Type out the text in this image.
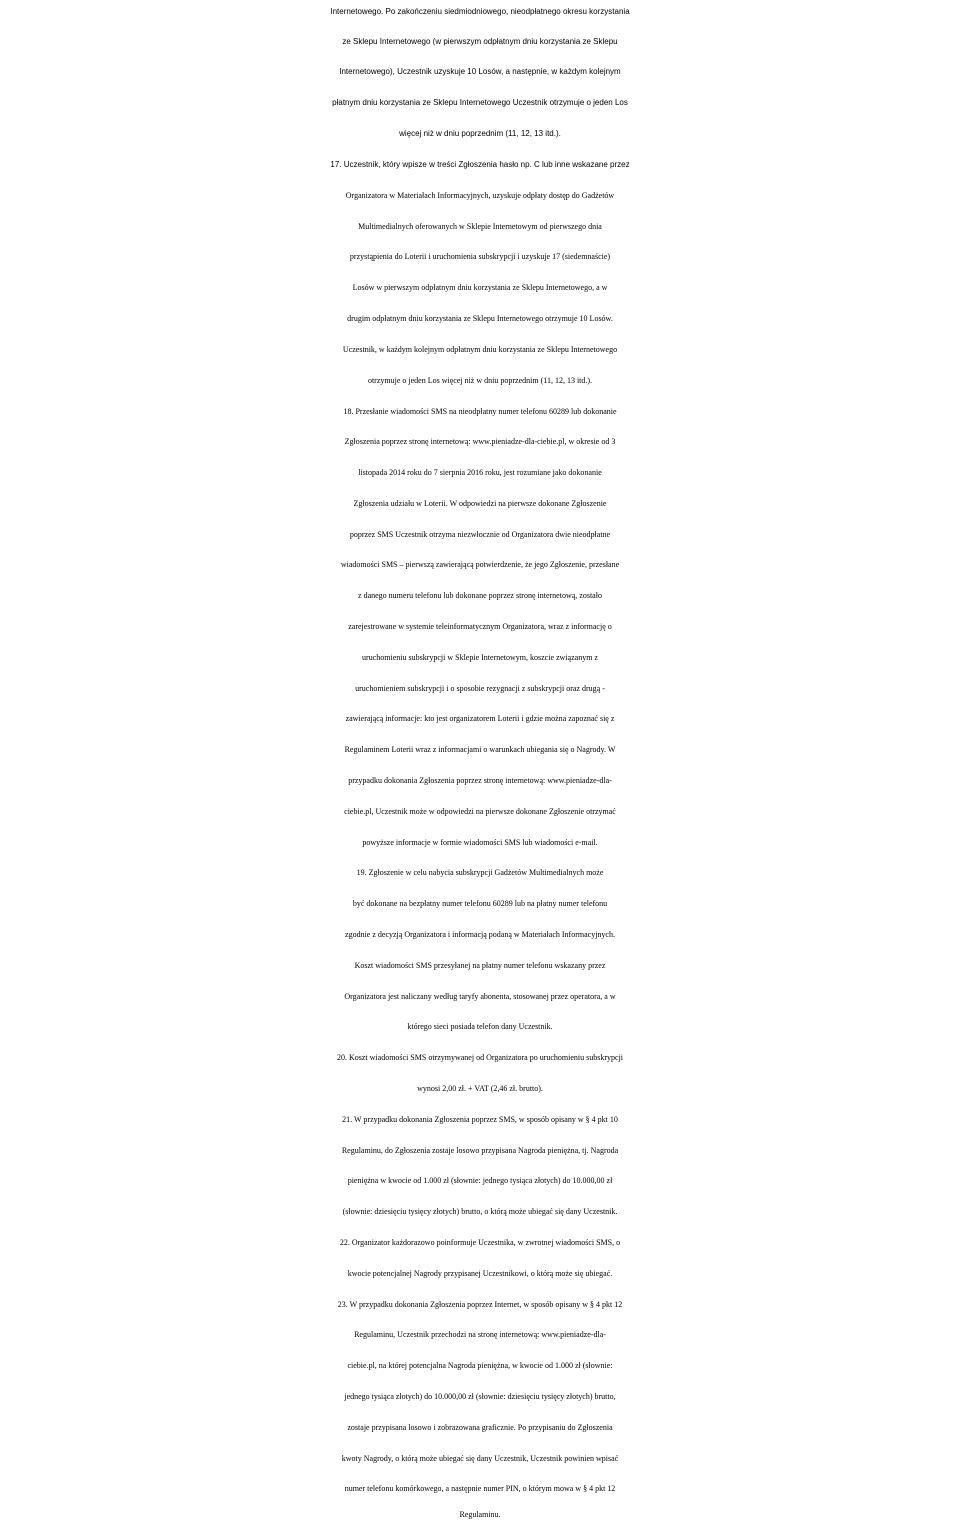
Internetowego. Po zakończeniu siedmiodniowego, nieodpłatnego okresu korzystania
ze Sklepu Internetowego (w pierwszym odpłatnym dniu korzystania ze Sklepu
Internetowego), Uczestnik uzyskuje 10 Losów, a następnie, w każdym kolejnym
płatnym dniu korzystania ze Sklepu Internetowego Uczestnik otrzymuje o jeden Los
więcej niż w dniu poprzednim (11, 12, 13 itd.).
17. Uczestnik, który wpisze w treści Zgłoszenia hasło np. C lub inne wskazane przez
Organizatora w Materiałach Informacyjnych, uzyskuje odpłaty dostęp do Gadżetów
Multimedialnych oferowanych w Sklepie Internetowym od pierwszego dnia
przystąpienia do Loterii i uruchomienia subskrypcji i uzyskuje 17 (siedemnaście)
Losów w pierwszym odpłatnym dniu korzystania ze Sklepu Internetowego, a w
drugim odpłatnym dniu korzystania ze Sklepu Internetowego otrzymuje 10 Losów.
Uczestnik, w każdym kolejnym odpłatnym dniu korzystania ze Sklepu Internetowego
otrzymuje o jeden Los więcej niż w dniu poprzednim (11, 12, 13 itd.).
18. Przesłanie wiadomości SMS na nieodpłatny numer telefonu 60289 lub dokonanie
Zgłoszenia poprzez stronę internetową: www.pieniadze-dla-ciebie.pl, w okresie od 3
listopada 2014 roku do 7 sierpnia 2016 roku, jest rozumiane jako dokonanie
Zgłoszenia udziału w Loterii. W odpowiedzi na pierwsze dokonane Zgłoszenie
poprzez SMS Uczestnik otrzyma niezwłocznie od Organizatora dwie nieodpłatne
wiadomości SMS – pierwszą zawierającą potwierdzenie, że jego Zgłoszenie, przesłane
z danego numeru telefonu lub dokonane poprzez stronę internetową, zostało
zarejestrowane w systemie teleinformatycznym Organizatora, wraz z informację o
uruchomieniu subskrypcji w Sklepie Internetowym, koszcie związanym z
uruchomieniem subskrypcji i o sposobie rezygnacji z subskrypcji oraz drugą -
zawierającą informacje: kto jest organizatorem Loterii i gdzie można zapoznać się z
Regulaminem Loterii wraz z informacjami o warunkach ubiegania się o Nagrody. W
przypadku dokonania Zgłoszenia poprzez stronę internetową: www.pieniadze-dla-
ciebie.pl, Uczestnik może w odpowiedzi na pierwsze dokonane Zgłoszenie otrzymać
powyższe informacje w formie wiadomości SMS lub wiadomości e-mail.
19. Zgłoszenie w celu nabycia subskrypcji Gadżetów Multimedialnych może
być dokonane na bezpłatny numer telefonu 60289 lub na płatny numer telefonu
zgodnie z decyzją Organizatora i informacją podaną w Materiałach Informacyjnych.
Koszt wiadomości SMS przesyłanej na płatny numer telefonu wskazany przez
Organizatora jest naliczany według taryfy abonenta, stosowanej przez operatora, a w
którego sieci posiada telefon dany Uczestnik.
20. Koszt wiadomości SMS otrzymywanej od Organizatora po uruchomieniu subskrypcji
wynosi 2,00 zł. + VAT (2,46 zł. brutto).
21. W przypadku dokonania Zgłoszenia poprzez SMS, w sposób opisany w § 4 pkt 10
Regulaminu, do Zgłoszenia zostaje losowo przypisana Nagroda pieniężna, tj. Nagroda
pieniężna w kwocie od 1.000 zł (słownie: jednego tysiąca złotych) do 10.000,00 zł
(słownie: dziesięciu tysięcy złotych) brutto, o którą może ubiegać się dany Uczestnik.
22. Organizator każdorazowo poinformuje Uczestnika, w zwrotnej wiadomości SMS, o
kwocie potencjalnej Nagrody przypisanej Uczestnikowi, o którą może się ubiegać.
23. W przypadku dokonania Zgłoszenia poprzez Internet, w sposób opisany w § 4 pkt 12
Regulaminu, Uczestnik przechodzi na stronę internetową: www.pieniadze-dla-
ciebie.pl, na której potencjalna Nagroda pieniężna, w kwocie od 1.000 zł (słownie:
jednego tysiąca złotych) do 10.000,00 zł (słownie: dziesięciu tysięcy złotych) brutto,
zostaje przypisana losowo i zobrazowana graficznie. Po przypisaniu do Zgłoszenia
kwoty Nagrody, o którą może ubiegać się dany Uczestnik, Uczestnik powinien wpisać
numer telefonu komórkowego, a następnie numer PIN, o którym mowa w § 4 pkt 12
Regulaminu.
